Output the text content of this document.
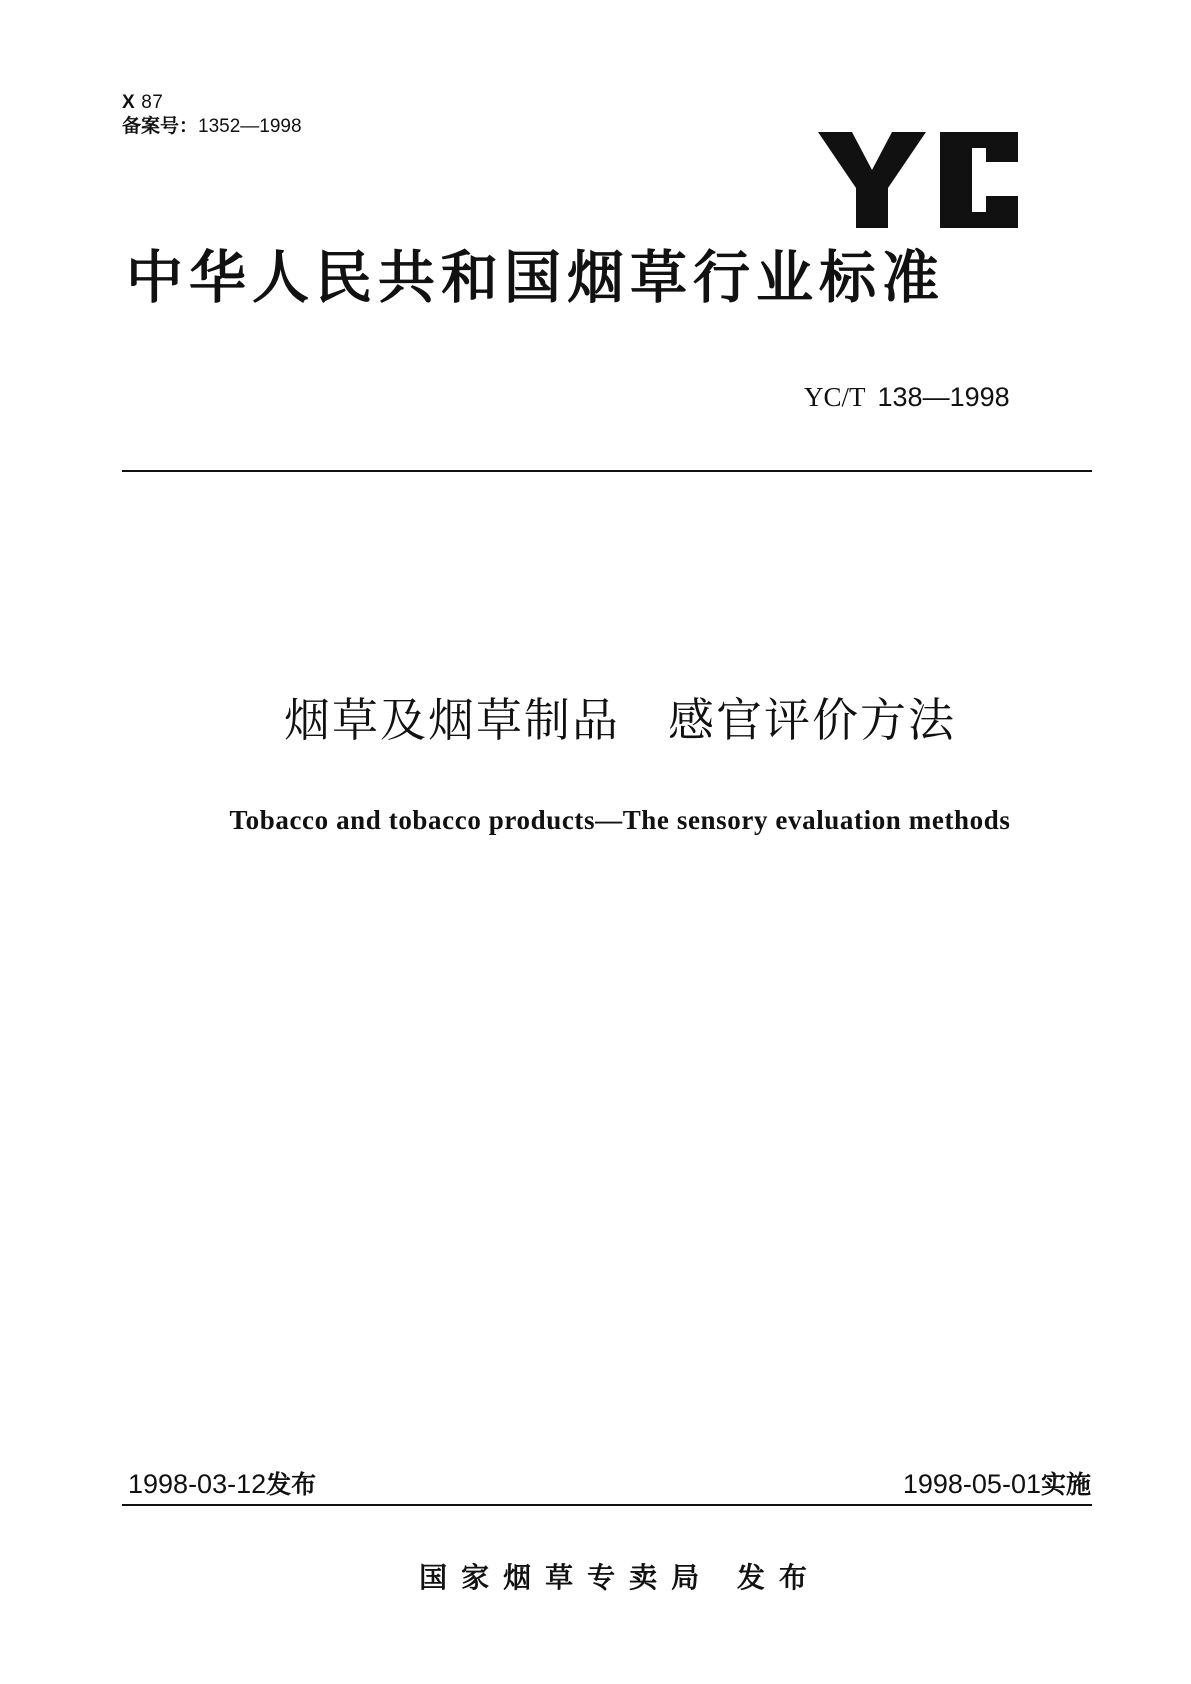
X 87
备案号：1352—1998
中华人民共和国烟草行业标准
YC/T 138—1998
烟草及烟草制品　感官评价方法
Tobacco and tobacco products—The sensory evaluation methods
1998-03-12发布	1998-05-01实施
国家烟草专卖局 发布
